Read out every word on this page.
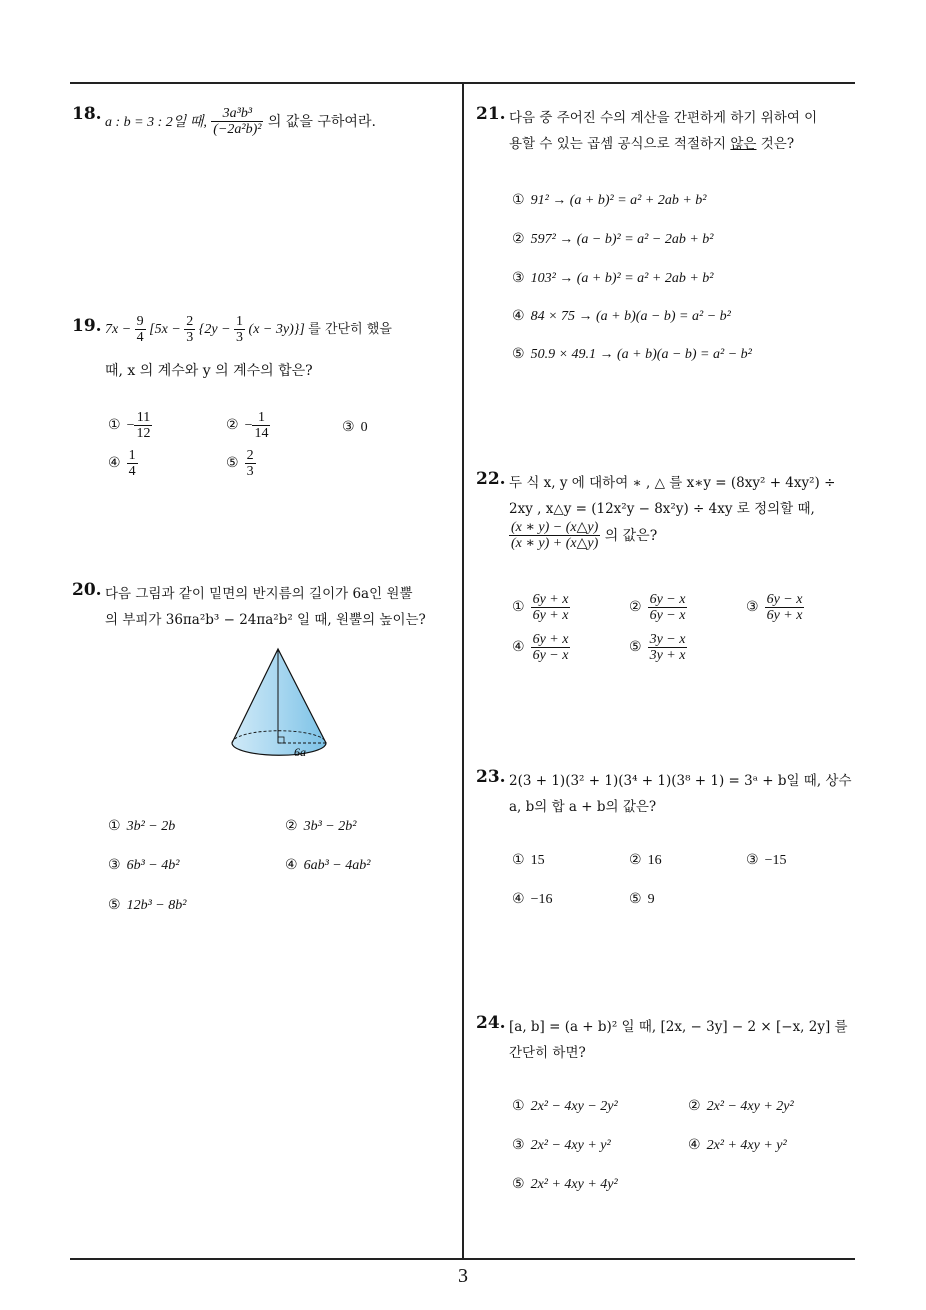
18. a : b = 3 : 2일 때, $\frac{\text{3a³b³}}{\text{(−2a²b)²}}$ 의 값을 구하여라.
19. $7x - \frac{9}{4} [5x - \frac{2}{3} \{2y - \frac{1}{3} (x - 3y)\}]$ 를 간단히 했을
때, x 의 계수와 y 의 계수의 합은?
① − $\frac{11}{12}$	② − $\frac{1}{14}$	③ 0
④ $\frac{1}{4}$	⑤ $\frac{2}{3}$
20. 다음 그림과 같이 밑면의 반지름의 길이가 6a인 원뿔
의 부피가 36πa²b³ − 24πa²b² 일 때, 원뿔의 높이는?
6a
① 3b² − 2b	② 3b³ − 2b²
③ 6b³ − 4b²	④ 6ab³ − 4ab²
⑤ 12b³ − 8b²
21. 다음 중 주어진 수의 계산을 간편하게 하기 위하여 이
용할 수 있는 곱셈 공식으로 적절하지 않은 것은?
① 91² → (a + b)² = a² + 2ab + b²
② 597² → (a − b)² = a² − 2ab + b²
③ 103² → (a + b)² = a² + 2ab + b²
④ 84 × 75 → (a + b)(a − b) = a² − b²
⑤ 50.9 × 49.1 → (a + b)(a − b) = a² − b²
22. 두 식 x, y 에 대하여 ∗ , △ 를 x∗y = (8xy² + 4xy²) ÷
2xy , x△y = (12x²y − 8x²y) ÷ 4xy 로 정의할 때,
$\frac{(x ∗ y) - (x\triangle y)}{(x ∗ y) + (x\triangle y)}$ 의 값은?
① $\frac{6y + x}{6y + x}$	② $\frac{6y - x}{6y - x}$	③ $\frac{6y - x}{6y + x}$
④ $\frac{6y + x}{6y - x}$	⑤ $\frac{3y - x}{3y + x}$
23. 2(3 + 1)(3² + 1)(3⁴ + 1)(3⁸ + 1) = 3ᵃ + b일 때, 상수
a, b의 합 a + b의 값은?
① 15	② 16	③ −15
④ −16	⑤ 9
24. [a, b] = (a + b)² 일 때, [2x, − 3y] − 2 × [−x, 2y] 를
간단히 하면?
① 2x² − 4xy − 2y²	② 2x² − 4xy + 2y²
③ 2x² − 4xy + y²	④ 2x² + 4xy + y²
⑤ 2x² + 4xy + 4y²
3
